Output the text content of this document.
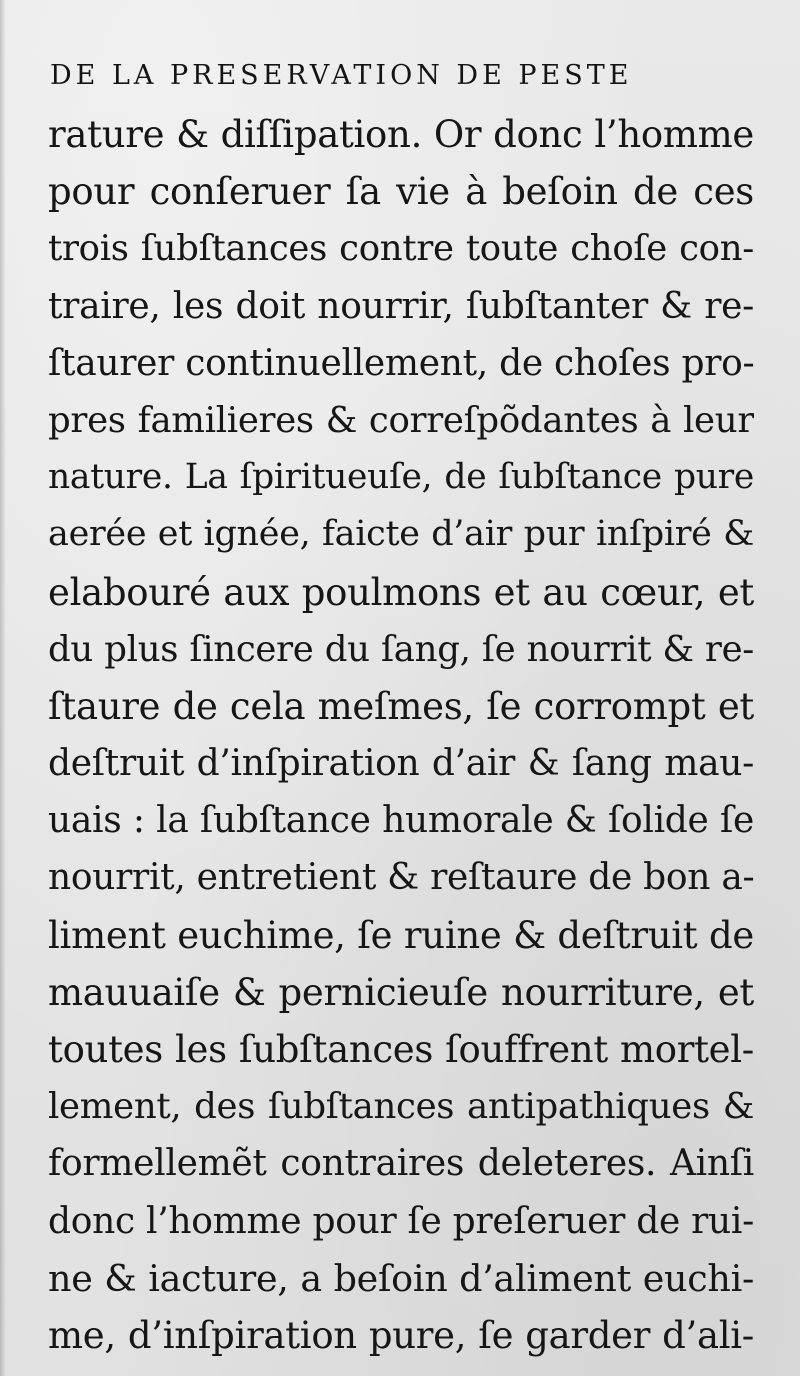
DE LA PRESERVATION DE PESTE
rature & diſſipation. Or donc l’homme
pour conſeruer ſa vie à beſoin de ces
trois ſubſtances contre toute choſe con-
traire, les doit nourrir, ſubſtanter & re-
ſtaurer continuellement, de choſes pro-
pres familieres & correſpõdantes à leur
nature. La ſpiritueuſe, de ſubſtance pure
aerée et ignée, faicte d’air pur inſpiré &
elabouré aux poulmons et au cœur, et
du plus ſincere du ſang, ſe nourrit & re-
ſtaure de cela meſmes, ſe corrompt et
deſtruit d’inſpiration d’air & ſang mau-
uais : la ſubſtance humorale & ſolide ſe
nourrit, entretient & reſtaure de bon a-
liment euchime, ſe ruine & deſtruit de
mauuaiſe & pernicieuſe nourriture, et
toutes les ſubſtances ſouffrent mortel-
lement, des ſubſtances antipathiques &
formellemẽt contraires deleteres. Ainſi
donc l’homme pour ſe preſeruer de rui-
ne & iacture, a beſoin d’aliment euchi-
me, d’inſpiration pure, ſe garder d’ali-
